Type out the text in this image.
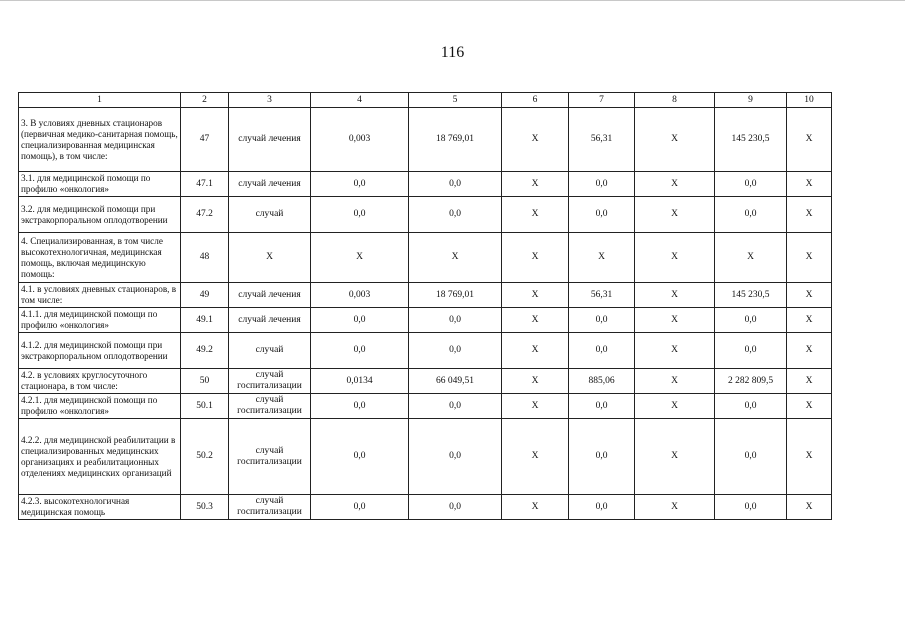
116
1	2	3	4	5	6	7	8	9	10
3. В условиях дневных стационаров (первичная медико-санитарная помощь, специализированная медицинская помощь), в том числе:	47	случай лечения	0,003	18 769,01	X	56,31	X	145 230,5	X
3.1. для медицинской помощи по профилю «онкология»	47.1	случай лечения	0,0	0,0	X	0,0	X	0,0	X
3.2. для медицинской помощи при экстракорпоральном оплодотворении	47.2	случай	0,0	0,0	X	0,0	X	0,0	X
4. Специализированная, в том числе высокотехнологичная, медицинская помощь, включая медицинскую помощь:	48	X	X	X	X	X	X	X	X
4.1. в условиях дневных стационаров, в том числе:	49	случай лечения	0,003	18 769,01	X	56,31	X	145 230,5	X
4.1.1. для медицинской помощи по профилю «онкология»	49.1	случай лечения	0,0	0,0	X	0,0	X	0,0	X
4.1.2. для медицинской помощи при экстракорпоральном оплодотворении	49.2	случай	0,0	0,0	X	0,0	X	0,0	X
4.2. в условиях круглосуточного стационара, в том числе:	50	случай госпитализации	0,0134	66 049,51	X	885,06	X	2 282 809,5	X
4.2.1. для медицинской помощи по профилю «онкология»	50.1	случай госпитализации	0,0	0,0	X	0,0	X	0,0	X
4.2.2. для медицинской реабилитации в специализированных медицинских организациях и реабилитационных отделениях медицинских организаций	50.2	случай госпитализации	0,0	0,0	X	0,0	X	0,0	X
4.2.3. высокотехнологичная медицинская помощь	50.3	случай госпитализации	0,0	0,0	X	0,0	X	0,0	X
